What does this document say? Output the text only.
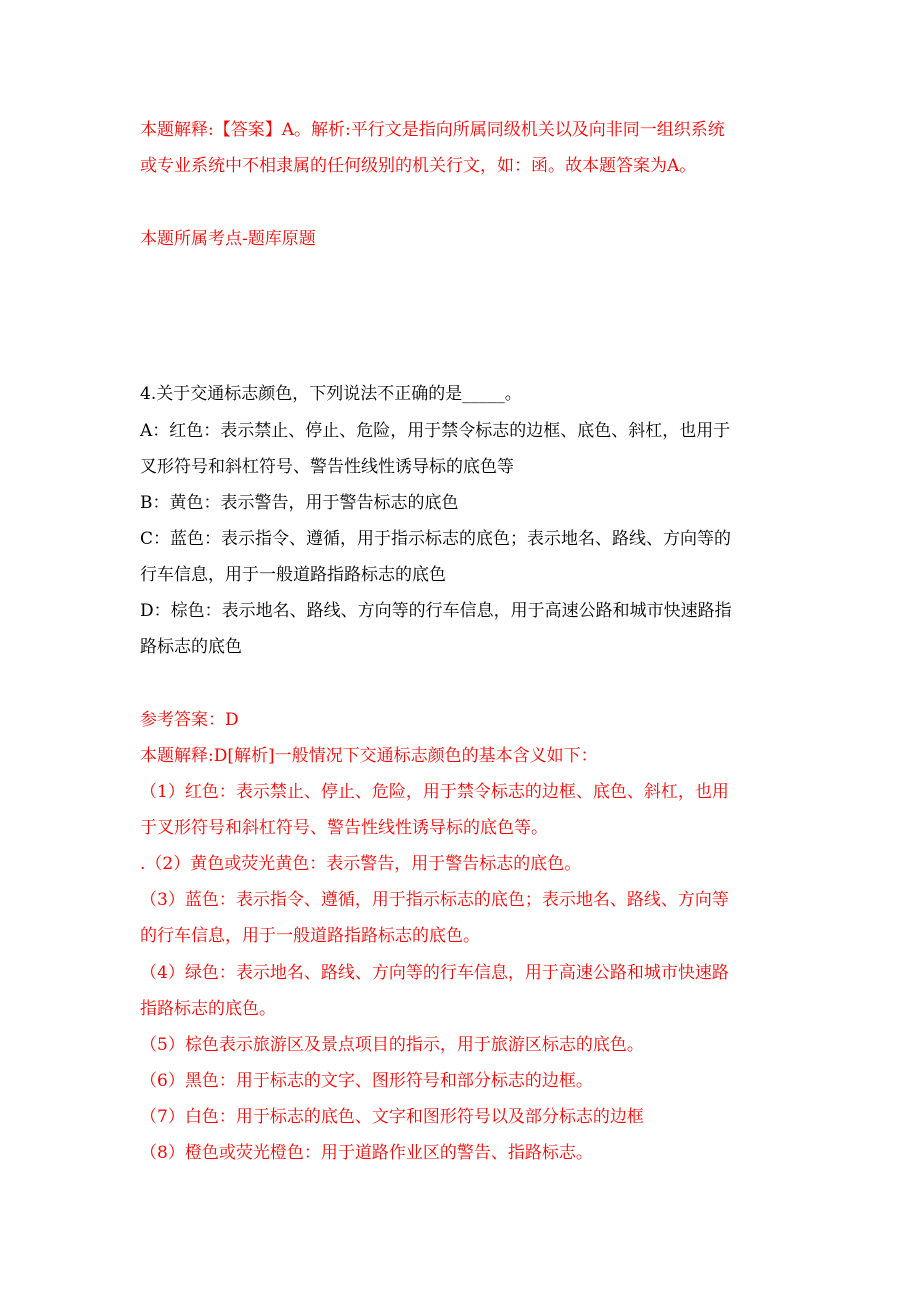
本题解释:【答案】A。解析:平行文是指向所属同级机关以及向非同一组织系统
或专业系统中不相隶属的任何级别的机关行文，如：函。故本题答案为A。
本题所属考点-题库原题
4.关于交通标志颜色，下列说法不正确的是_____。
A：红色：表示禁止、停止、危险，用于禁令标志的边框、底色、斜杠，也用于
叉形符号和斜杠符号、警告性线性诱导标的底色等
B：黄色：表示警告，用于警告标志的底色
C：蓝色：表示指令、遵循，用于指示标志的底色；表示地名、路线、方向等的
行车信息，用于一般道路指路标志的底色
D：棕色：表示地名、路线、方向等的行车信息，用于高速公路和城市快速路指
路标志的底色
参考答案：D
本题解释:D[解析]一般情况下交通标志颜色的基本含义如下：
（1）红色：表示禁止、停止、危险，用于禁令标志的边框、底色、斜杠，也用
于叉形符号和斜杠符号、警告性线性诱导标的底色等。
.（2）黄色或荧光黄色：表示警告，用于警告标志的底色。
（3）蓝色：表示指令、遵循，用于指示标志的底色；表示地名、路线、方向等
的行车信息，用于一般道路指路标志的底色。
（4）绿色：表示地名、路线、方向等的行车信息，用于高速公路和城市快速路
指路标志的底色。
（5）棕色表示旅游区及景点项目的指示，用于旅游区标志的底色。
（6）黑色：用于标志的文字、图形符号和部分标志的边框。
（7）白色：用于标志的底色、文字和图形符号以及部分标志的边框
（8）橙色或荧光橙色：用于道路作业区的警告、指路标志。
